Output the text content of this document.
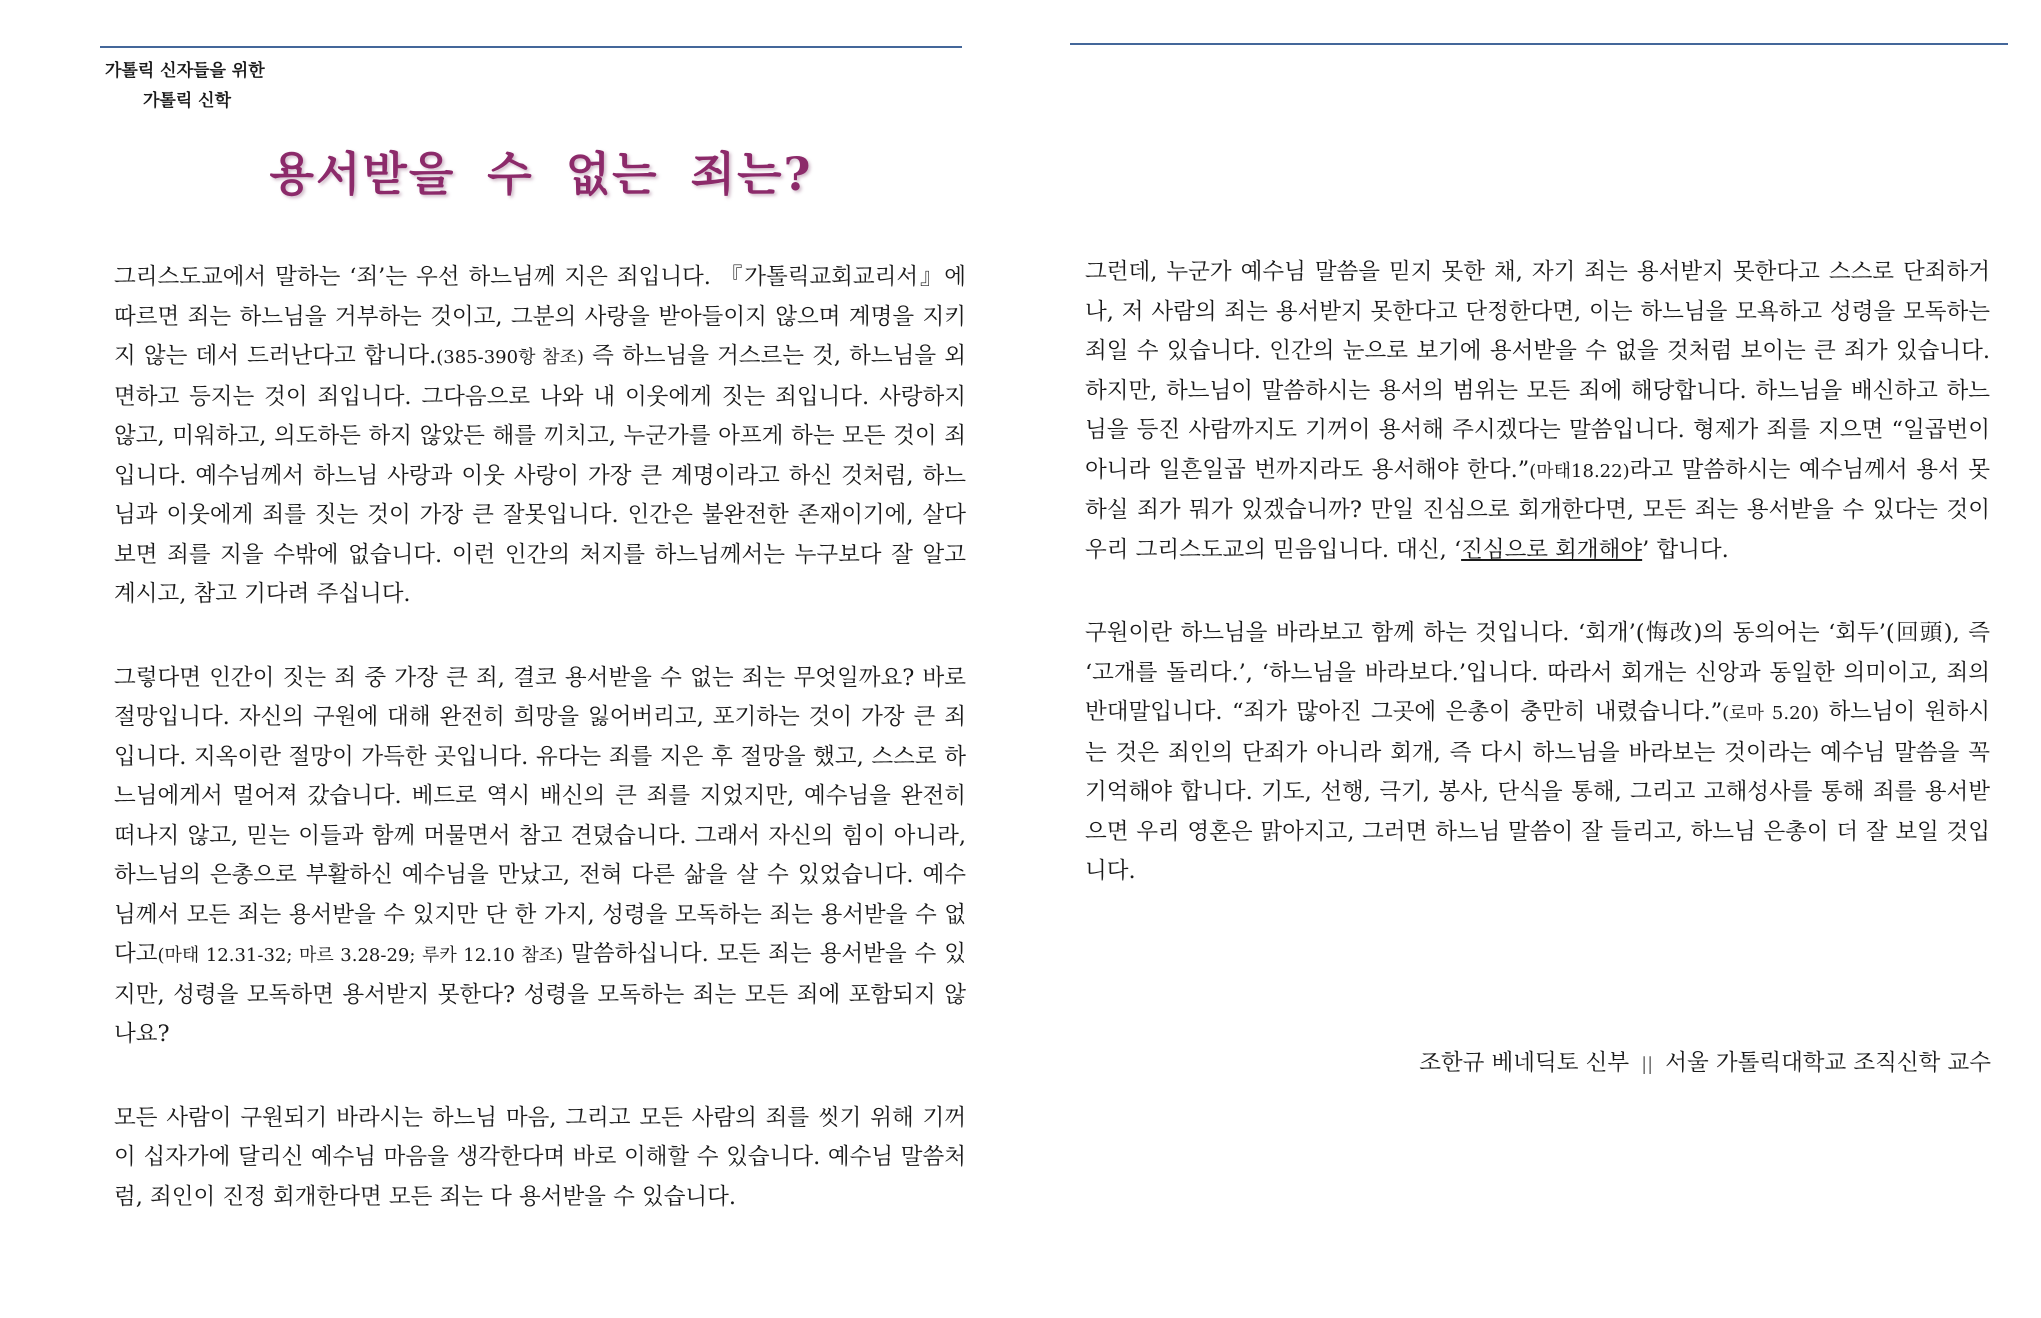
가톨릭 신자들을 위한
가톨릭 신학
용서받을 수 없는 죄는?

그리스도교에서 말하는 ‘죄’는 우선 하느님께 지은 죄입니다. 『가톨릭교회교리서』에 따르면 죄는 하느님을 거부하는 것이고, 그분의 사랑을 받아들이지 않으며 계명을 지키지 않는 데서 드러난다고 합니다.(385-390항 참조) 즉 하느님을 거스르는 것, 하느님을 외면하고 등지는 것이 죄입니다. 그다음으로 나와 내 이웃에게 짓는 죄입니다. 사랑하지 않고, 미워하고, 의도하든 하지 않았든 해를 끼치고, 누군가를 아프게 하는 모든 것이 죄입니다. 예수님께서 하느님 사랑과 이웃 사랑이 가장 큰 계명이라고 하신 것처럼, 하느님과 이웃에게 죄를 짓는 것이 가장 큰 잘못입니다. 인간은 불완전한 존재이기에, 살다 보면 죄를 지을 수밖에 없습니다. 이런 인간의 처지를 하느님께서는 누구보다 잘 알고 계시고, 참고 기다려 주십니다.

그렇다면 인간이 짓는 죄 중 가장 큰 죄, 결코 용서받을 수 없는 죄는 무엇일까요? 바로 절망입니다. 자신의 구원에 대해 완전히 희망을 잃어버리고, 포기하는 것이 가장 큰 죄입니다. 지옥이란 절망이 가득한 곳입니다. 유다는 죄를 지은 후 절망을 했고, 스스로 하느님에게서 멀어져 갔습니다. 베드로 역시 배신의 큰 죄를 지었지만, 예수님을 완전히 떠나지 않고, 믿는 이들과 함께 머물면서 참고 견뎠습니다. 그래서 자신의 힘이 아니라, 하느님의 은총으로 부활하신 예수님을 만났고, 전혀 다른 삶을 살 수 있었습니다. 예수님께서 모든 죄는 용서받을 수 있지만 단 한 가지, 성령을 모독하는 죄는 용서받을 수 없다고(마태 12.31-32; 마르 3.28-29; 루카 12.10 참조) 말씀하십니다. 모든 죄는 용서받을 수 있지만, 성령을 모독하면 용서받지 못한다? 성령을 모독하는 죄는 모든 죄에 포함되지 않나요?

모든 사람이 구원되기 바라시는 하느님 마음, 그리고 모든 사람의 죄를 씻기 위해 기꺼이 십자가에 달리신 예수님 마음을 생각한다며 바로 이해할 수 있습니다. 예수님 말씀처럼, 죄인이 진정 회개한다면 모든 죄는 다 용서받을 수 있습니다.

그런데, 누군가 예수님 말씀을 믿지 못한 채, 자기 죄는 용서받지 못한다고 스스로 단죄하거나, 저 사람의 죄는 용서받지 못한다고 단정한다면, 이는 하느님을 모욕하고 성령을 모독하는 죄일 수 있습니다. 인간의 눈으로 보기에 용서받을 수 없을 것처럼 보이는 큰 죄가 있습니다. 하지만, 하느님이 말씀하시는 용서의 범위는 모든 죄에 해당합니다. 하느님을 배신하고 하느님을 등진 사람까지도 기꺼이 용서해 주시겠다는 말씀입니다. 형제가 죄를 지으면 “일곱번이 아니라 일흔일곱 번까지라도 용서해야 한다.”(마태18.22)라고 말씀하시는 예수님께서 용서 못 하실 죄가 뭐가 있겠습니까? 만일 진심으로 회개한다면, 모든 죄는 용서받을 수 있다는 것이 우리 그리스도교의 믿음입니다. 대신, ‘진심으로 회개해야’ 합니다.

구원이란 하느님을 바라보고 함께 하는 것입니다. ‘회개’(悔改)의 동의어는 ‘회두’(回頭), 즉 ‘고개를 돌리다.’, ‘하느님을 바라보다.’입니다. 따라서 회개는 신앙과 동일한 의미이고, 죄의 반대말입니다. “죄가 많아진 그곳에 은총이 충만히 내렸습니다.”(로마 5.20) 하느님이 원하시는 것은 죄인의 단죄가 아니라 회개, 즉 다시 하느님을 바라보는 것이라는 예수님 말씀을 꼭 기억해야 합니다. 기도, 선행, 극기, 봉사, 단식을 통해, 그리고 고해성사를 통해 죄를 용서받으면 우리 영혼은 맑아지고, 그러면 하느님 말씀이 잘 들리고, 하느님 은총이 더 잘 보일 것입니다.

조한규 베네딕토 신부 || 서울 가톨릭대학교 조직신학 교수
